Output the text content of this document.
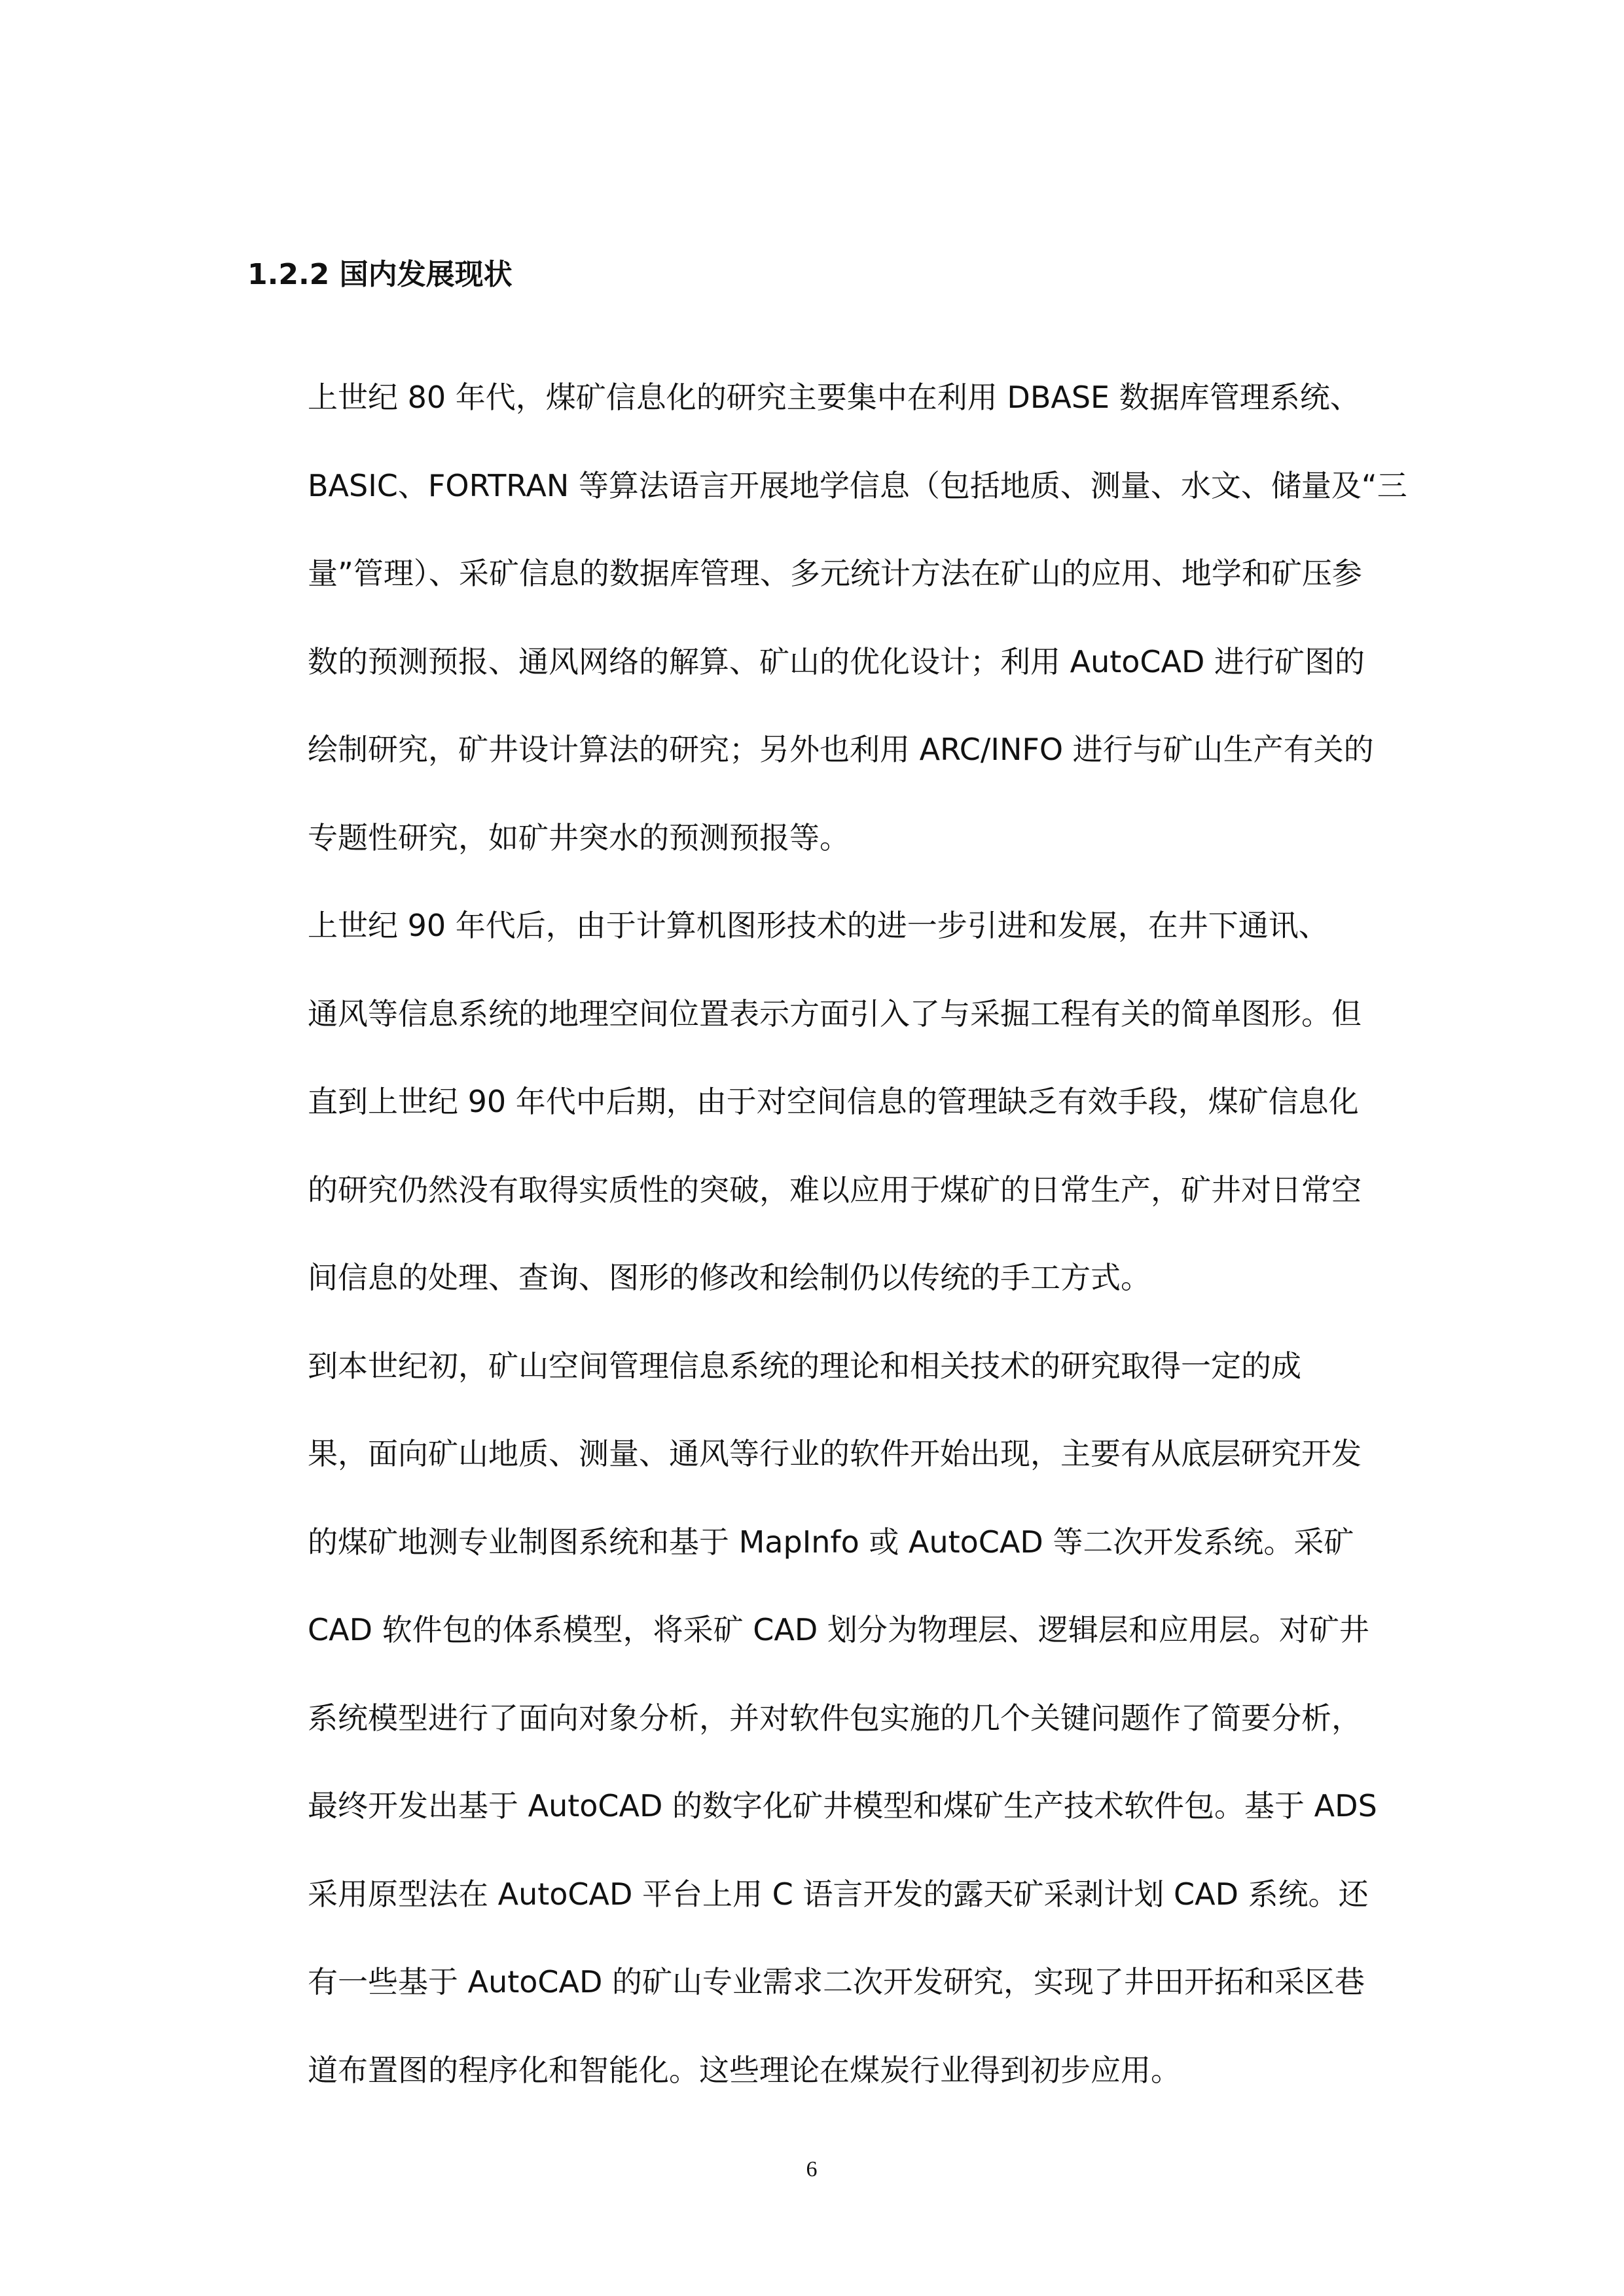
1.2.2 国内发展现状

上世纪 80 年代，煤矿信息化的研究主要集中在利用 DBASE 数据库管理系统、
BASIC、FORTRAN 等算法语言开展地学信息（包括地质、测量、水文、储量及“三
量”管理）、采矿信息的数据库管理、多元统计方法在矿山的应用、地学和矿压参
数的预测预报、通风网络的解算、矿山的优化设计；利用 AutoCAD 进行矿图的
绘制研究，矿井设计算法的研究；另外也利用 ARC/INFO 进行与矿山生产有关的
专题性研究，如矿井突水的预测预报等。

上世纪 90 年代后，由于计算机图形技术的进一步引进和发展，在井下通讯、
通风等信息系统的地理空间位置表示方面引入了与采掘工程有关的简单图形。但
直到上世纪 90 年代中后期，由于对空间信息的管理缺乏有效手段，煤矿信息化
的研究仍然没有取得实质性的突破，难以应用于煤矿的日常生产，矿井对日常空
间信息的处理、查询、图形的修改和绘制仍以传统的手工方式。

到本世纪初，矿山空间管理信息系统的理论和相关技术的研究取得一定的成
果，面向矿山地质、测量、通风等行业的软件开始出现，主要有从底层研究开发
的煤矿地测专业制图系统和基于 MapInfo 或 AutoCAD 等二次开发系统。采矿
CAD 软件包的体系模型，将采矿 CAD 划分为物理层、逻辑层和应用层。对矿井
系统模型进行了面向对象分析，并对软件包实施的几个关键问题作了简要分析，
最终开发出基于 AutoCAD 的数字化矿井模型和煤矿生产技术软件包。基于 ADS
采用原型法在 AutoCAD 平台上用 C 语言开发的露天矿采剥计划 CAD 系统。还
有一些基于 AutoCAD 的矿山专业需求二次开发研究，实现了井田开拓和采区巷
道布置图的程序化和智能化。这些理论在煤炭行业得到初步应用。

6
